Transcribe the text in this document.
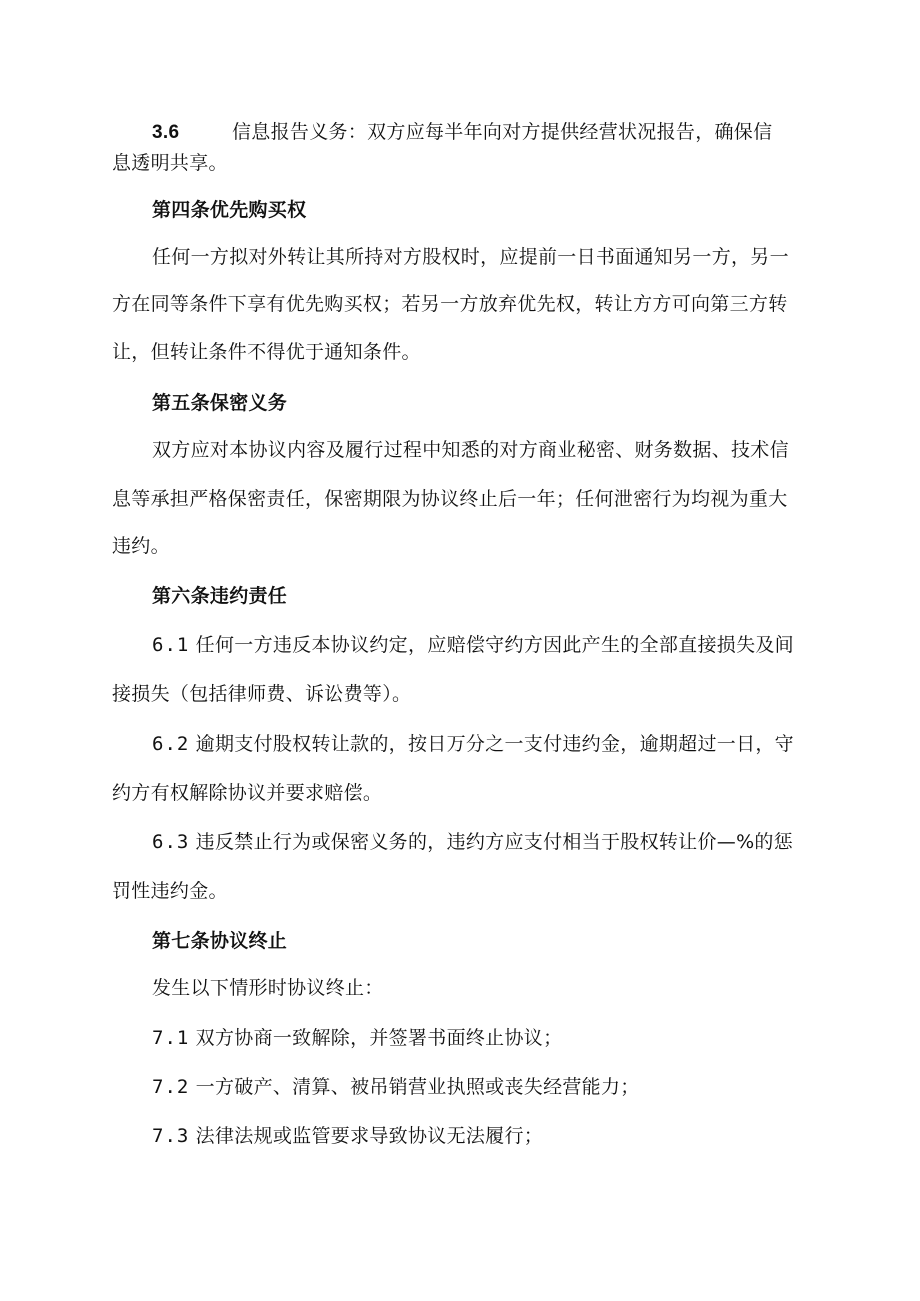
3.6	信息报告义务：双方应每半年向对方提供经营状况报告，确保信
息透明共享。
第四条优先购买权
任何一方拟对外转让其所持对方股权时，应提前一日书面通知另一方，另一
方在同等条件下享有优先购买权；若另一方放弃优先权，转让方方可向第三方转
让，但转让条件不得优于通知条件。
第五条保密义务
双方应对本协议内容及履行过程中知悉的对方商业秘密、财务数据、技术信
息等承担严格保密责任，保密期限为协议终止后一年；任何泄密行为均视为重大
违约。
第六条违约责任
6.1 任何一方违反本协议约定，应赔偿守约方因此产生的全部直接损失及间
接损失（包括律师费、诉讼费等）。
6.2 逾期支付股权转让款的，按日万分之一支付违约金，逾期超过一日，守
约方有权解除协议并要求赔偿。
6.3 违反禁止行为或保密义务的，违约方应支付相当于股权转让价—%的惩
罚性违约金。
第七条协议终止
发生以下情形时协议终止：
7.1 双方协商一致解除，并签署书面终止协议；
7.2 一方破产、清算、被吊销营业执照或丧失经营能力；
7.3 法律法规或监管要求导致协议无法履行；
